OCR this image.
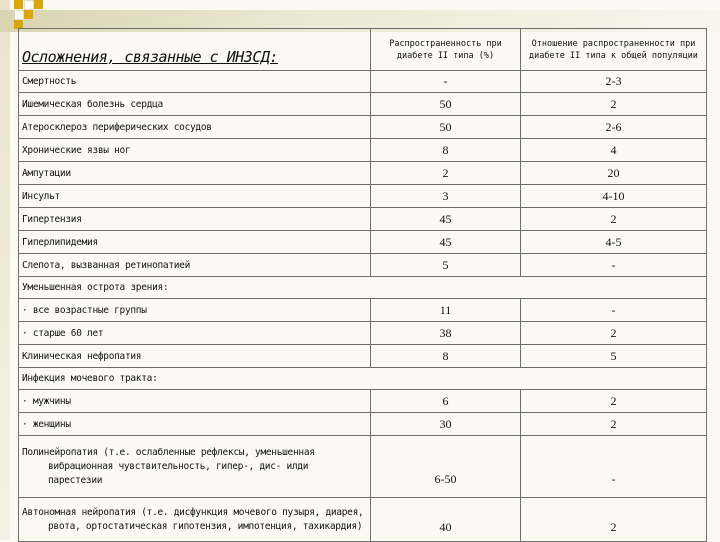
Осложнения, связанные с ИНЗСД:	Распространенность при диабете II типа (%)	Отношение распространенности при диабете II типа к общей популяции
Смертность	-	2-3
Ишемическая болезнь сердца	50	2
Атеросклероз периферических сосудов	50	2-6
Хронические язвы ног	8	4
Ампутации	2	20
Инсульт	3	4-10
Гипертензия	45	2
Гиперлипидемия	45	4-5
Слепота, вызванная ретинопатией	5	-
Уменьшенная острота зрения:		
· все возрастные группы	11	-
· старше 60 лет	38	2
Клиническая нефропатия	8	5
Инфекция мочевого тракта:		
· мужчины	6	2
· женщины	30	2
Полинейропатия (т.е. ослабленные рефлексы, уменьшенная
вибрационная чувствительность, гипер-, дис- илди
парестезии	6-50	-
Автономная нейропатия (т.е. дисфункция мочевого пузыря, диарея,
рвота, ортостатическая гипотензия, импотенция, тахикардия)	40	2
